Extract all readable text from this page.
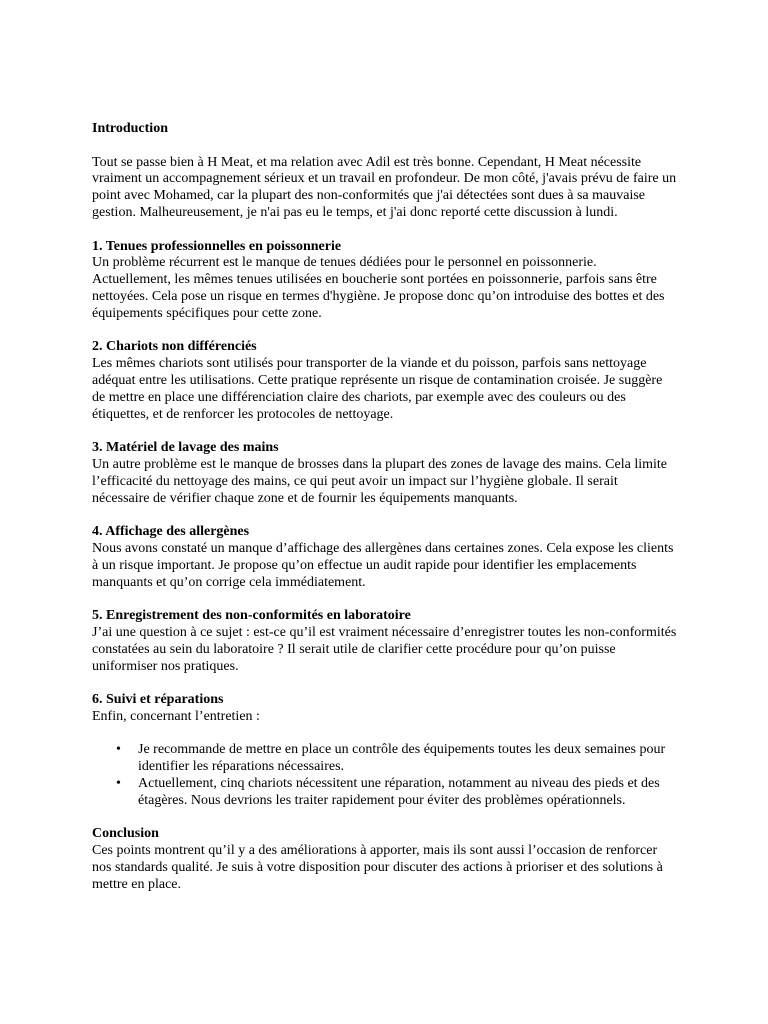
Introduction

Tout se passe bien à H Meat, et ma relation avec Adil est très bonne. Cependant, H Meat nécessite vraiment un accompagnement sérieux et un travail en profondeur. De mon côté, j'avais prévu de faire un point avec Mohamed, car la plupart des non-conformités que j'ai détectées sont dues à sa mauvaise gestion. Malheureusement, je n'ai pas eu le temps, et j'ai donc reporté cette discussion à lundi.

1. Tenues professionnelles en poissonnerie

Un problème récurrent est le manque de tenues dédiées pour le personnel en poissonnerie. Actuellement, les mêmes tenues utilisées en boucherie sont portées en poissonnerie, parfois sans être nettoyées. Cela pose un risque en termes d'hygiène. Je propose donc qu’on introduise des bottes et des équipements spécifiques pour cette zone.

2. Chariots non différenciés

Les mêmes chariots sont utilisés pour transporter de la viande et du poisson, parfois sans nettoyage adéquat entre les utilisations. Cette pratique représente un risque de contamination croisée. Je suggère de mettre en place une différenciation claire des chariots, par exemple avec des couleurs ou des étiquettes, et de renforcer les protocoles de nettoyage.

3. Matériel de lavage des mains

Un autre problème est le manque de brosses dans la plupart des zones de lavage des mains. Cela limite l’efficacité du nettoyage des mains, ce qui peut avoir un impact sur l’hygiène globale. Il serait nécessaire de vérifier chaque zone et de fournir les équipements manquants.

4. Affichage des allergènes

Nous avons constaté un manque d’affichage des allergènes dans certaines zones. Cela expose les clients à un risque important. Je propose qu’on effectue un audit rapide pour identifier les emplacements manquants et qu’on corrige cela immédiatement.

5. Enregistrement des non-conformités en laboratoire

J’ai une question à ce sujet : est-ce qu’il est vraiment nécessaire d’enregistrer toutes les non-conformités constatées au sein du laboratoire ? Il serait utile de clarifier cette procédure pour qu’on puisse uniformiser nos pratiques.

6. Suivi et réparations

Enfin, concernant l’entretien :

• Je recommande de mettre en place un contrôle des équipements toutes les deux semaines pour identifier les réparations nécessaires.
• Actuellement, cinq chariots nécessitent une réparation, notamment au niveau des pieds et des étagères. Nous devrions les traiter rapidement pour éviter des problèmes opérationnels.

Conclusion

Ces points montrent qu’il y a des améliorations à apporter, mais ils sont aussi l’occasion de renforcer nos standards qualité. Je suis à votre disposition pour discuter des actions à prioriser et des solutions à mettre en place.
